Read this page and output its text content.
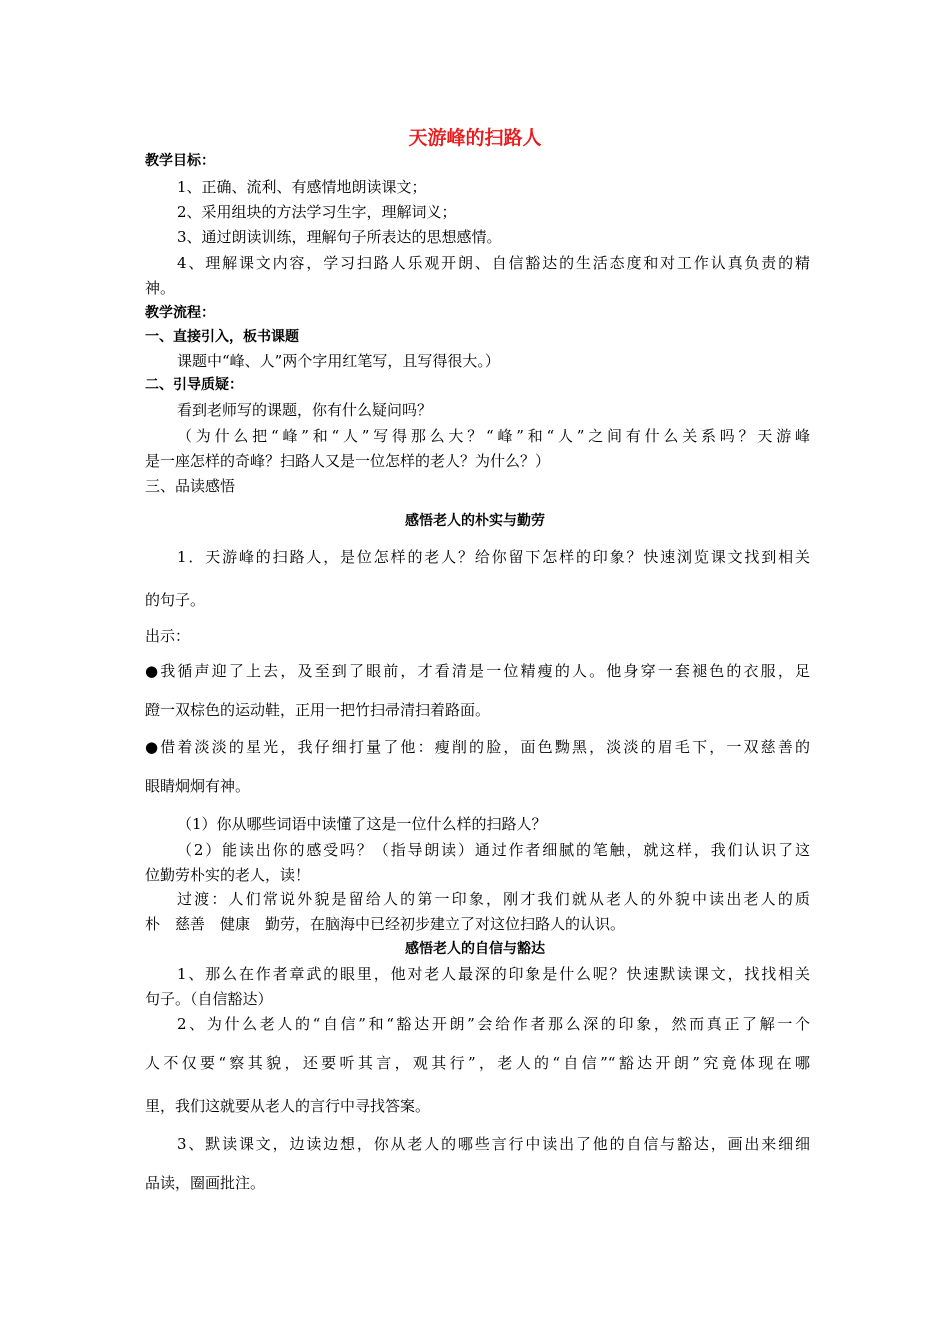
天游峰的扫路人
教学目标：
1、正确、流利、有感情地朗读课文；
2、采用组块的方法学习生字，理解词义；
3、通过朗读训练，理解句子所表达的思想感情。
4、理解课文内容，学习扫路人乐观开朗、自信豁达的生活态度和对工作认真负责的精
神。
教学流程：
一、直接引入，板书课题
课题中“峰、人”两个字用红笔写，且写得很大。）
二、引导质疑：
看到老师写的课题，你有什么疑问吗？
（为什么把“峰”和“人”写得那么大？“峰”和“人”之间有什么关系吗？天游峰
是一座怎样的奇峰？扫路人又是一位怎样的老人？为什么？）
三、品读感悟
感悟老人的朴实与勤劳
1．天游峰的扫路人，是位怎样的老人？给你留下怎样的印象？快速浏览课文找到相关
的句子。
出示：
●我循声迎了上去，及至到了眼前，才看清是一位精瘦的人。他身穿一套褪色的衣服，足
蹬一双棕色的运动鞋，正用一把竹扫帚清扫着路面。
●借着淡淡的星光，我仔细打量了他：瘦削的脸，面色黝黑，淡淡的眉毛下，一双慈善的
眼睛炯炯有神。
（1）你从哪些词语中读懂了这是一位什么样的扫路人？
（2）能读出你的感受吗？（指导朗读）通过作者细腻的笔触，就这样，我们认识了这
位勤劳朴实的老人，读！
过渡：人们常说外貌是留给人的第一印象，刚才我们就从老人的外貌中读出老人的质
朴　慈善　健康　勤劳，在脑海中已经初步建立了对这位扫路人的认识。
感悟老人的自信与豁达
1、那么在作者章武的眼里，他对老人最深的印象是什么呢？快速默读课文，找找相关
句子。（自信豁达）
2、为什么老人的“自信”和“豁达开朗”会给作者那么深的印象，然而真正了解一个
人不仅要“察其貌，还要听其言，观其行”，老人的“自信”“豁达开朗”究竟体现在哪
里，我们这就要从老人的言行中寻找答案。
3、默读课文，边读边想，你从老人的哪些言行中读出了他的自信与豁达，画出来细细
品读，圈画批注。
